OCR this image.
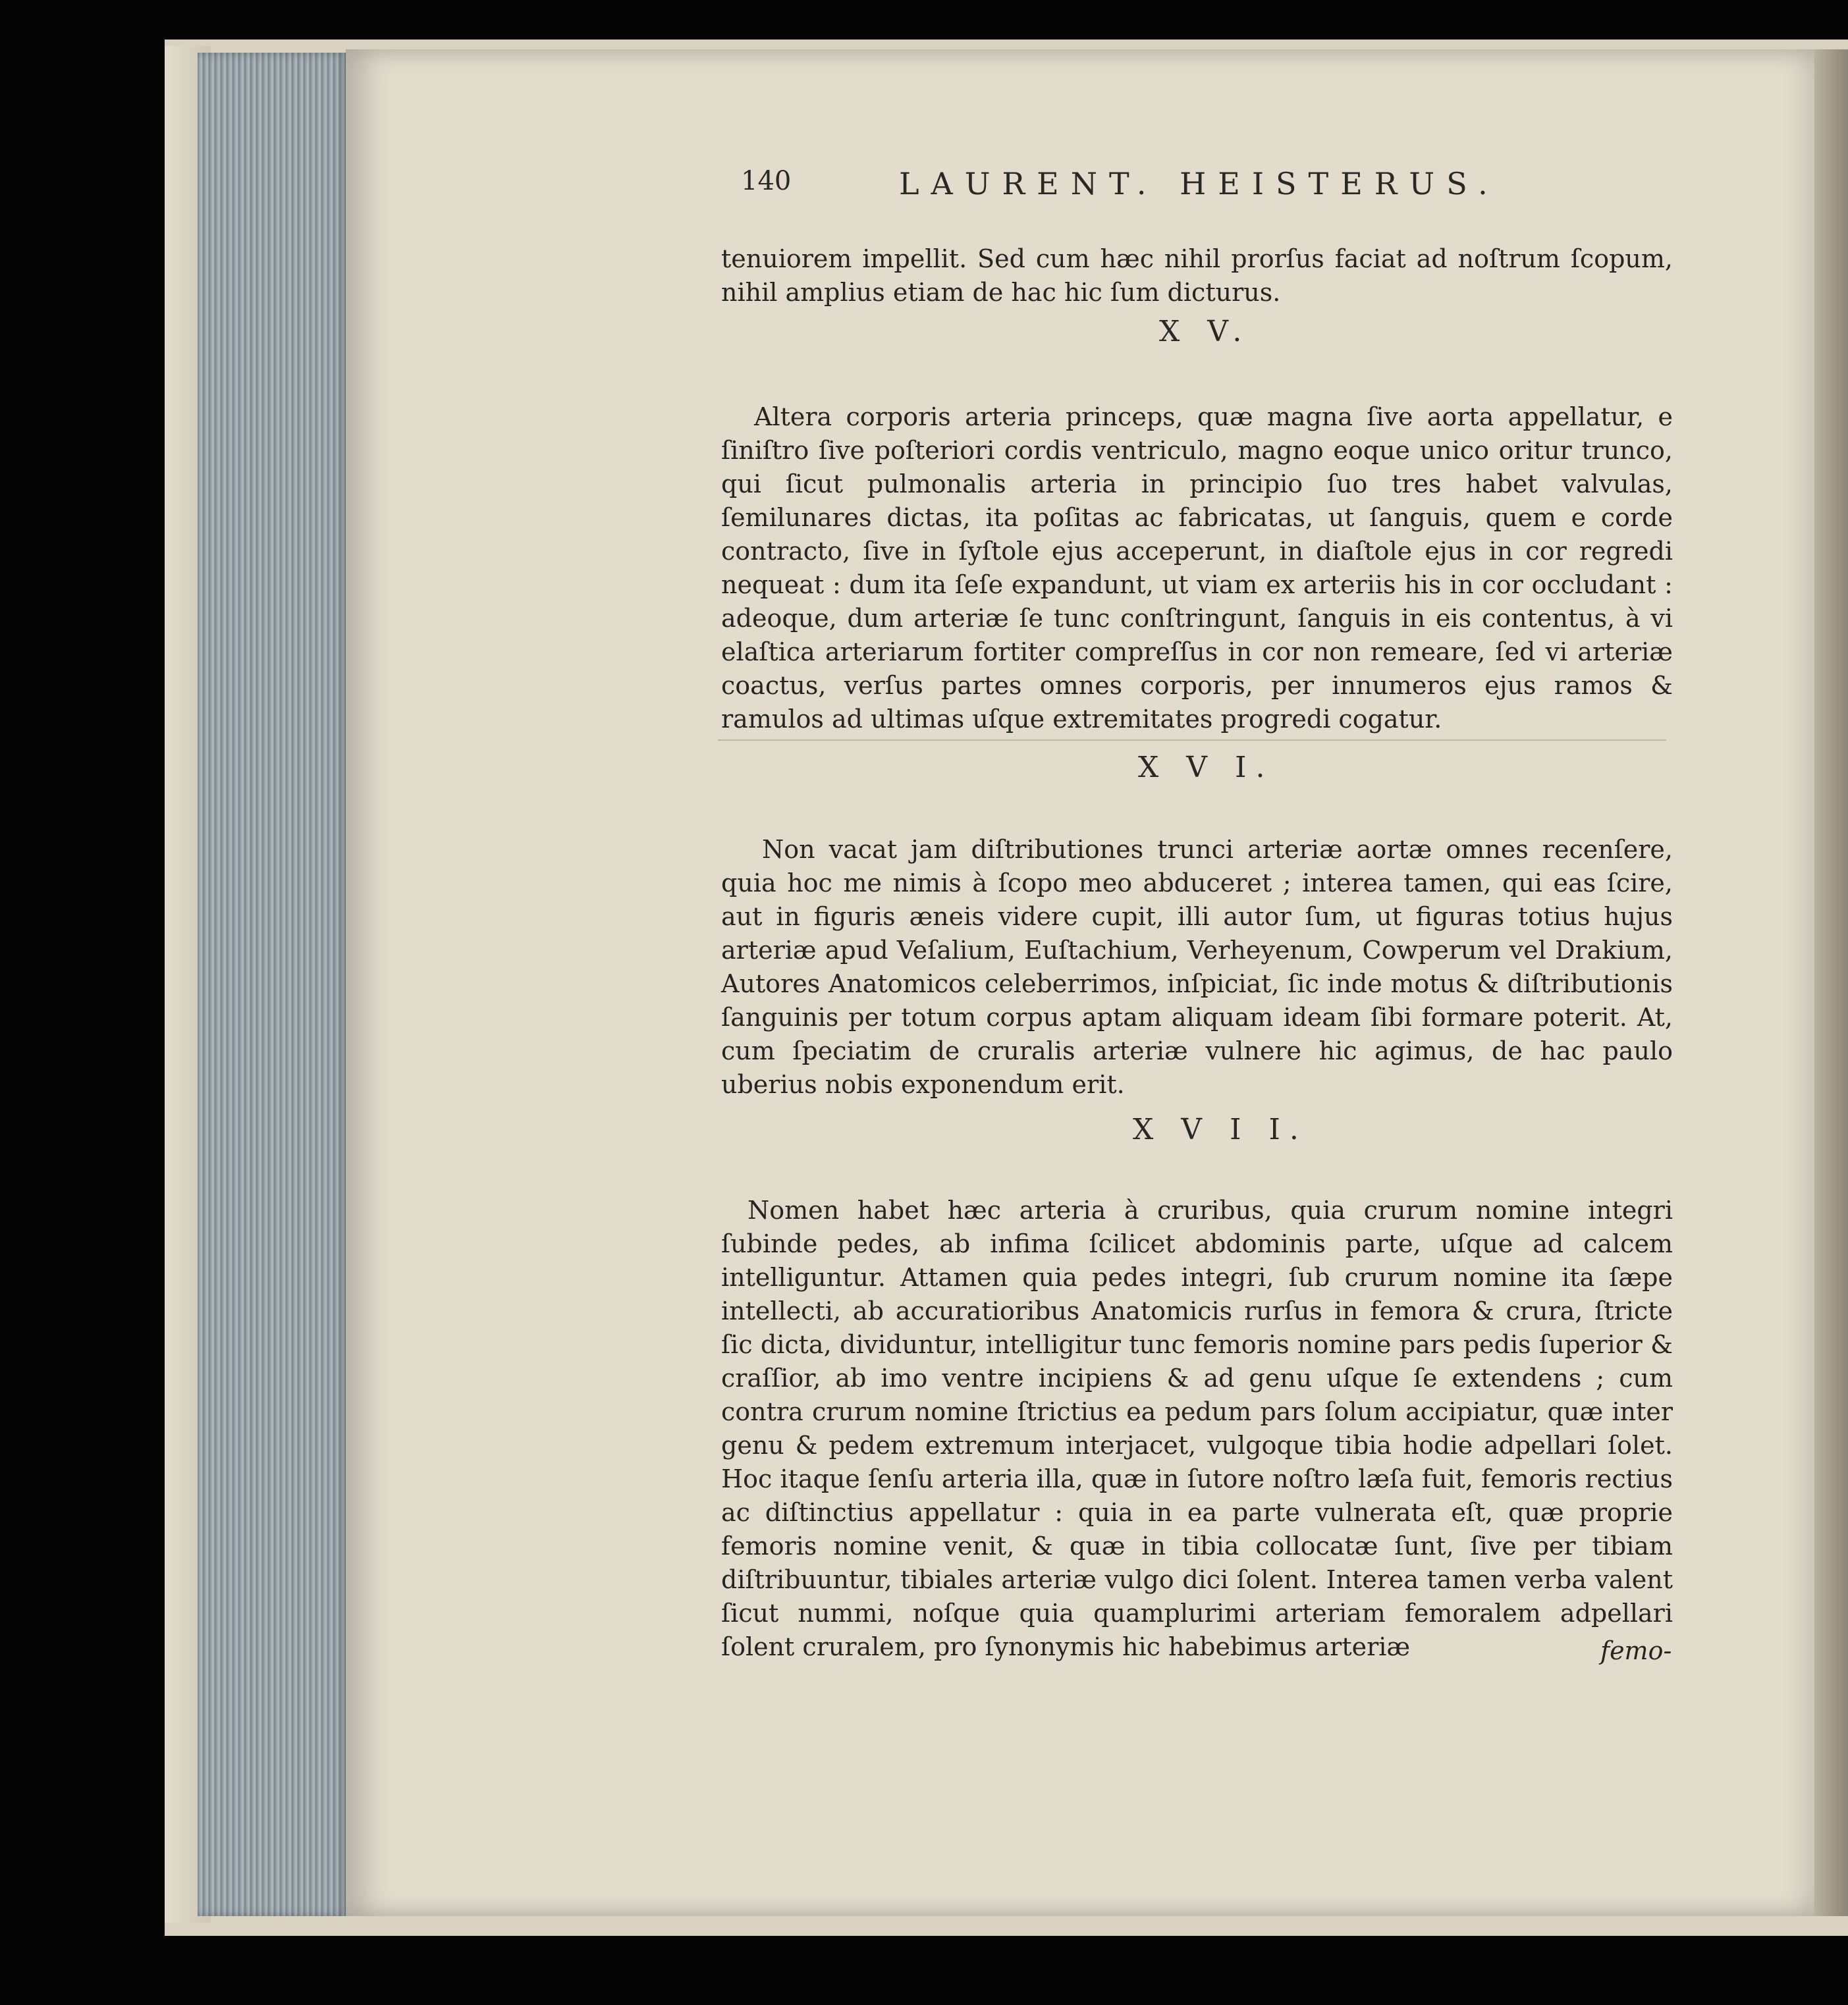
140	LAURENT. HEISTERUS.

tenuiorem impellit. Sed cum hæc nihil prorſus faciat ad noſtrum ſcopum, nihil amplius etiam de hac hic ſum dicturus.

X V.

Altera corporis arteria princeps, quæ magna ſive aorta appellatur, e ſiniſtro ſive poſteriori cordis ventriculo, magno eoque unico oritur trunco, qui ſicut pulmonalis arteria in principio ſuo tres habet valvulas, ſemilunares dictas, ita poſitas ac fabricatas, ut ſanguis, quem e corde contracto, ſive in ſyſtole ejus acceperunt, in diaſtole ejus in cor regredi nequeat : dum ita ſeſe expandunt, ut viam ex arteriis his in cor occludant : adeoque, dum arteriæ ſe tunc conſtringunt, ſanguis in eis contentus, à vi elaſtica arteriarum fortiter compreſſus in cor non remeare, ſed vi arteriæ coactus, verſus partes omnes corporis, per innumeros ejus ramos & ramulos ad ultimas uſque extremitates progredi cogatur.

X V I.

Non vacat jam diſtributiones trunci arteriæ aortæ omnes recenſere, quia hoc me nimis à ſcopo meo abduceret ; interea tamen, qui eas ſcire, aut in figuris æneis videre cupit, illi autor ſum, ut figuras totius hujus arteriæ apud Veſalium, Euſtachium, Verheyenum, Cowperum vel Drakium, Autores Anatomicos celeberrimos, inſpiciat, ſic inde motus & diſtributionis ſanguinis per totum corpus aptam aliquam ideam ſibi formare poterit. At, cum ſpeciatim de cruralis arteriæ vulnere hic agimus, de hac paulo uberius nobis exponendum erit.

X V I I.

Nomen habet hæc arteria à cruribus, quia crurum nomine integri ſubinde pedes, ab infima ſcilicet abdominis parte, uſque ad calcem intelliguntur. Attamen quia pedes integri, ſub crurum nomine ita ſæpe intellecti, ab accuratioribus Anatomicis rurſus in femora & crura, ſtricte ſic dicta, dividuntur, intelligitur tunc femoris nomine pars pedis ſuperior & craſſior, ab imo ventre incipiens & ad genu uſque ſe extendens ; cum contra crurum nomine ſtrictius ea pedum pars ſolum accipiatur, quæ inter genu & pedem extremum interjacet, vulgoque tibia hodie adpellari ſolet. Hoc itaque ſenſu arteria illa, quæ in ſutore noſtro læſa fuit, femoris rectius ac diſtinctius appellatur : quia in ea parte vulnerata eſt, quæ proprie femoris nomine venit, & quæ in tibia collocatæ ſunt, ſive per tibiam diſtribuuntur, tibiales arteriæ vulgo dici ſolent. Interea tamen verba valent ſicut nummi, noſque quia quamplurimi arteriam femoralem adpellari ſolent cruralem, pro ſynonymis hic habebimus arteriæ	femo-
